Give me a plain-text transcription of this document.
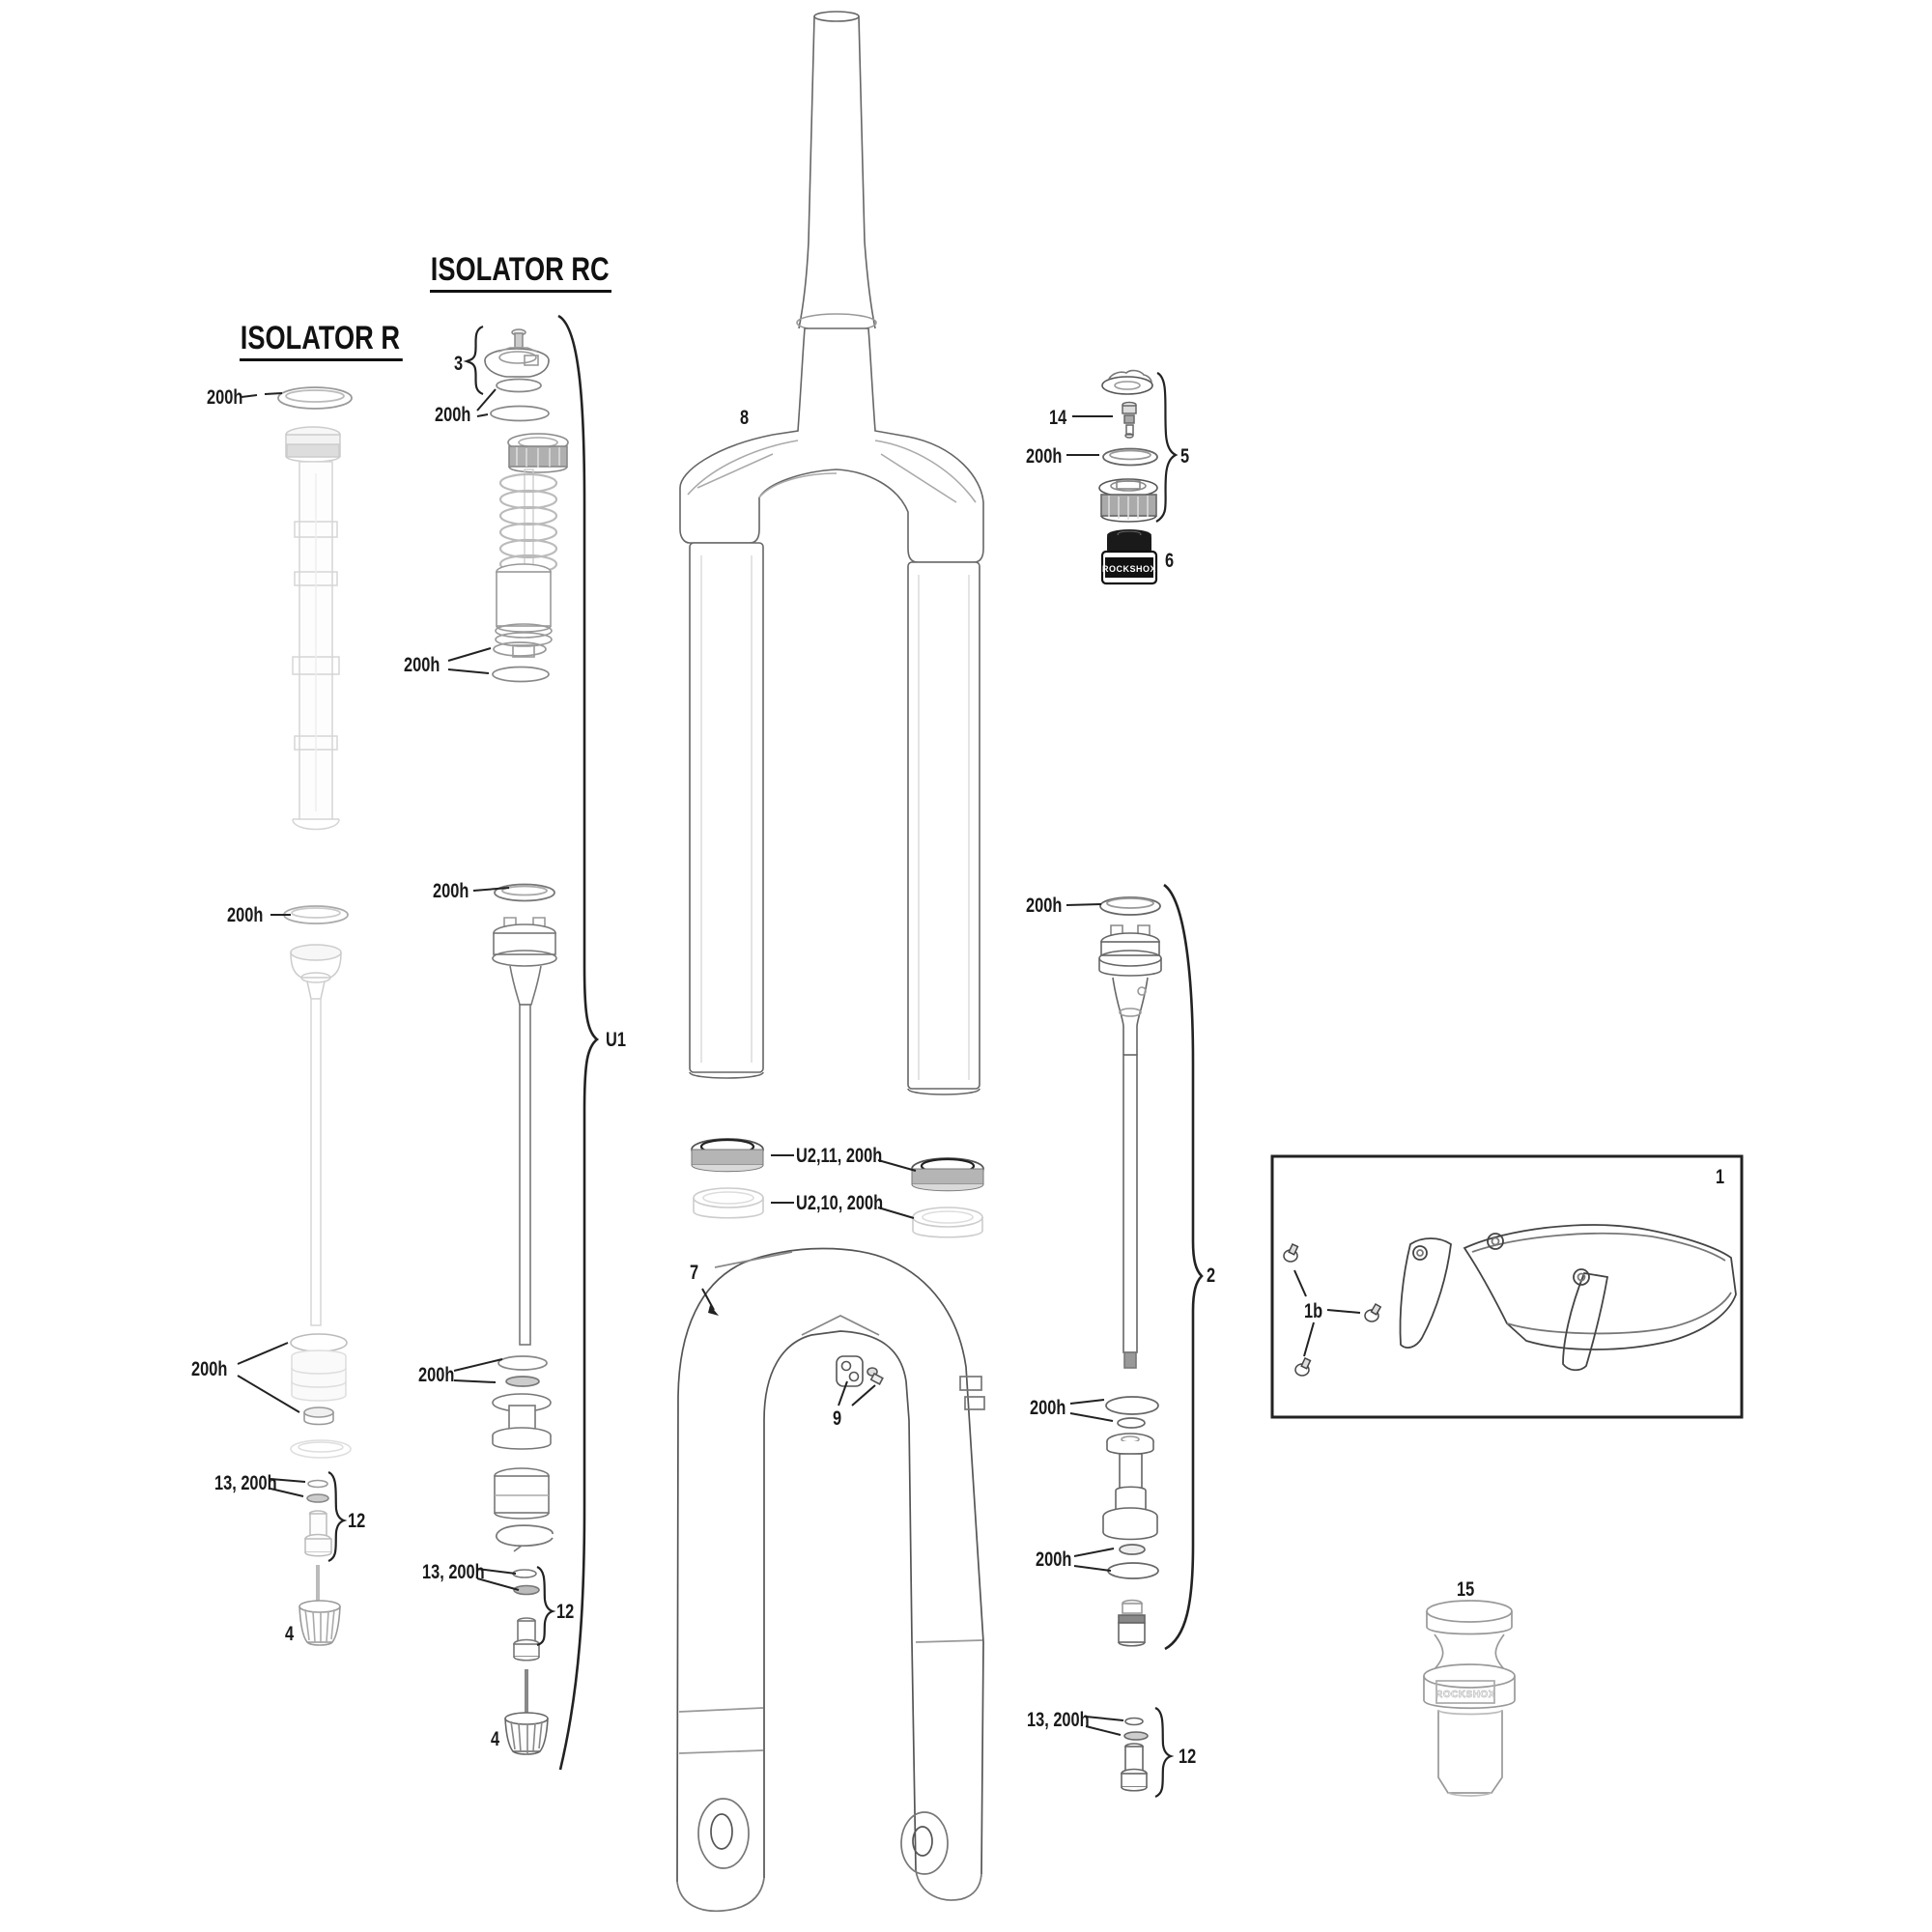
ROCKSHOX
ROCKSHOX
ISOLATOR R
ISOLATOR RC
200h
3
200h
200h
8	14
200h	5
6
200h
200h
200h
U1
U2,11, 200h
U2,10, 200h
7
9
2
1
1b
200h	200h
200h
13, 200h
12
200h
13, 200h
12
4
4
13, 200h
12
15
